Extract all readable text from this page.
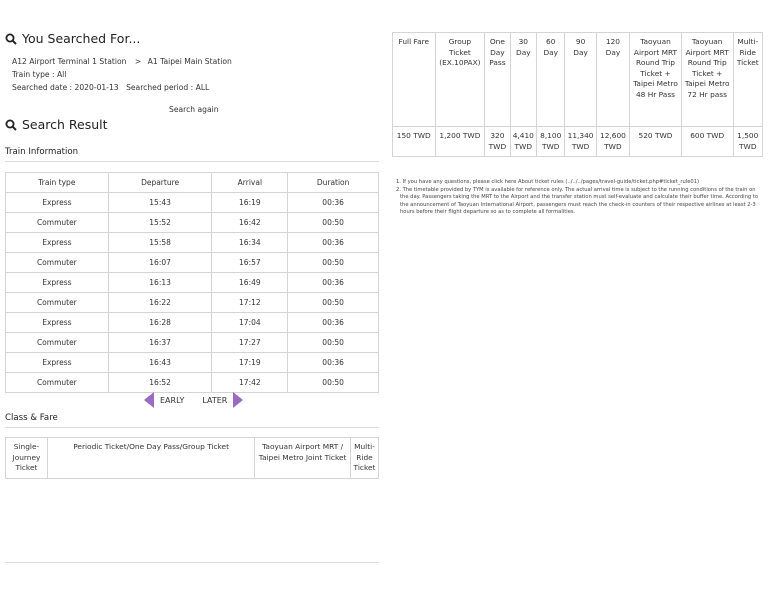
You Searched For...
A12 Airport Terminal 1 Station > A1 Taipei Main Station
Train type : All
Searched date : 2020-01-13 Searched period : ALL
Search again
Search Result
Train Information
Train type	Departure	Arrival	Duration
Express	15:43	16:19	00:36
Commuter	15:52	16:42	00:50
Express	15:58	16:34	00:36
Commuter	16:07	16:57	00:50
Express	16:13	16:49	00:36
Commuter	16:22	17:12	00:50
Express	16:28	17:04	00:36
Commuter	16:37	17:27	00:50
Express	16:43	17:19	00:36
Commuter	16:52	17:42	00:50
EARLY LATER
Class & Fare
Single-Journey Ticket	Periodic Ticket/One Day Pass/Group Ticket	Taoyuan Airport MRT / Taipei Metro Joint Ticket	Multi-Ride Ticket
Full Fare	Group Ticket (EX.10PAX)	One Day Pass	30 Day	60 Day	90 Day	120 Day	Taoyuan Airport MRT Round Trip Ticket + Taipei Metro 48 Hr Pass	Taoyuan Airport MRT Round Trip Ticket + Taipei Metro 72 Hr pass	Multi-Ride Ticket
150 TWD	1,200 TWD	320 TWD	4,410 TWD	8,100 TWD	11,340 TWD	12,600 TWD	520 TWD	600 TWD	1,500 TWD
1. If you have any questions, please click here About ticket rules (../../../pages/travel-guide/ticket.php#ticket_rule01)
2. The timetable provided by TYM is available for reference only. The actual arrival time is subject to the running conditions of the train on the day. Passengers taking the MRT to the Airport and the transfer station must self-evaluate and calculate their buffer time. According to the announcement of Taoyuan International Airport, passengers must reach the check-in counters of their respective airlines at least 2-3 hours before their flight departure so as to complete all formalities.
